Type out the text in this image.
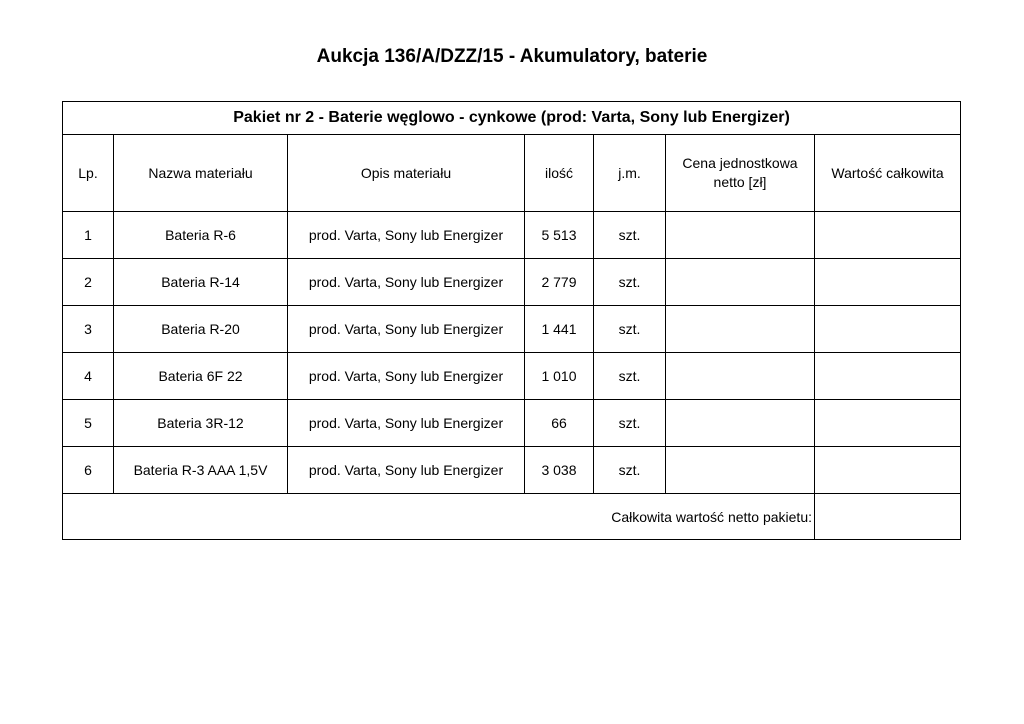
Aukcja 136/A/DZZ/15 - Akumulatory, baterie
Pakiet nr 2 - Baterie węglowo - cynkowe (prod: Varta, Sony lub Energizer)						
Lp.	Nazwa materiału	Opis materiału	ilość	j.m.	Cena jednostkowa netto [zł]	Wartość całkowita
1	Bateria R-6	prod. Varta, Sony lub Energizer	5 513	szt.		
2	Bateria R-14	prod. Varta, Sony lub Energizer	2 779	szt.		
3	Bateria R-20	prod. Varta, Sony lub Energizer	1 441	szt.		
4	Bateria 6F 22	prod. Varta, Sony lub Energizer	1 010	szt.		
5	Bateria 3R-12	prod. Varta, Sony lub Energizer	66	szt.		
6	Bateria R-3 AAA 1,5V	prod. Varta, Sony lub Energizer	3 038	szt.		
Całkowita wartość netto pakietu:						
